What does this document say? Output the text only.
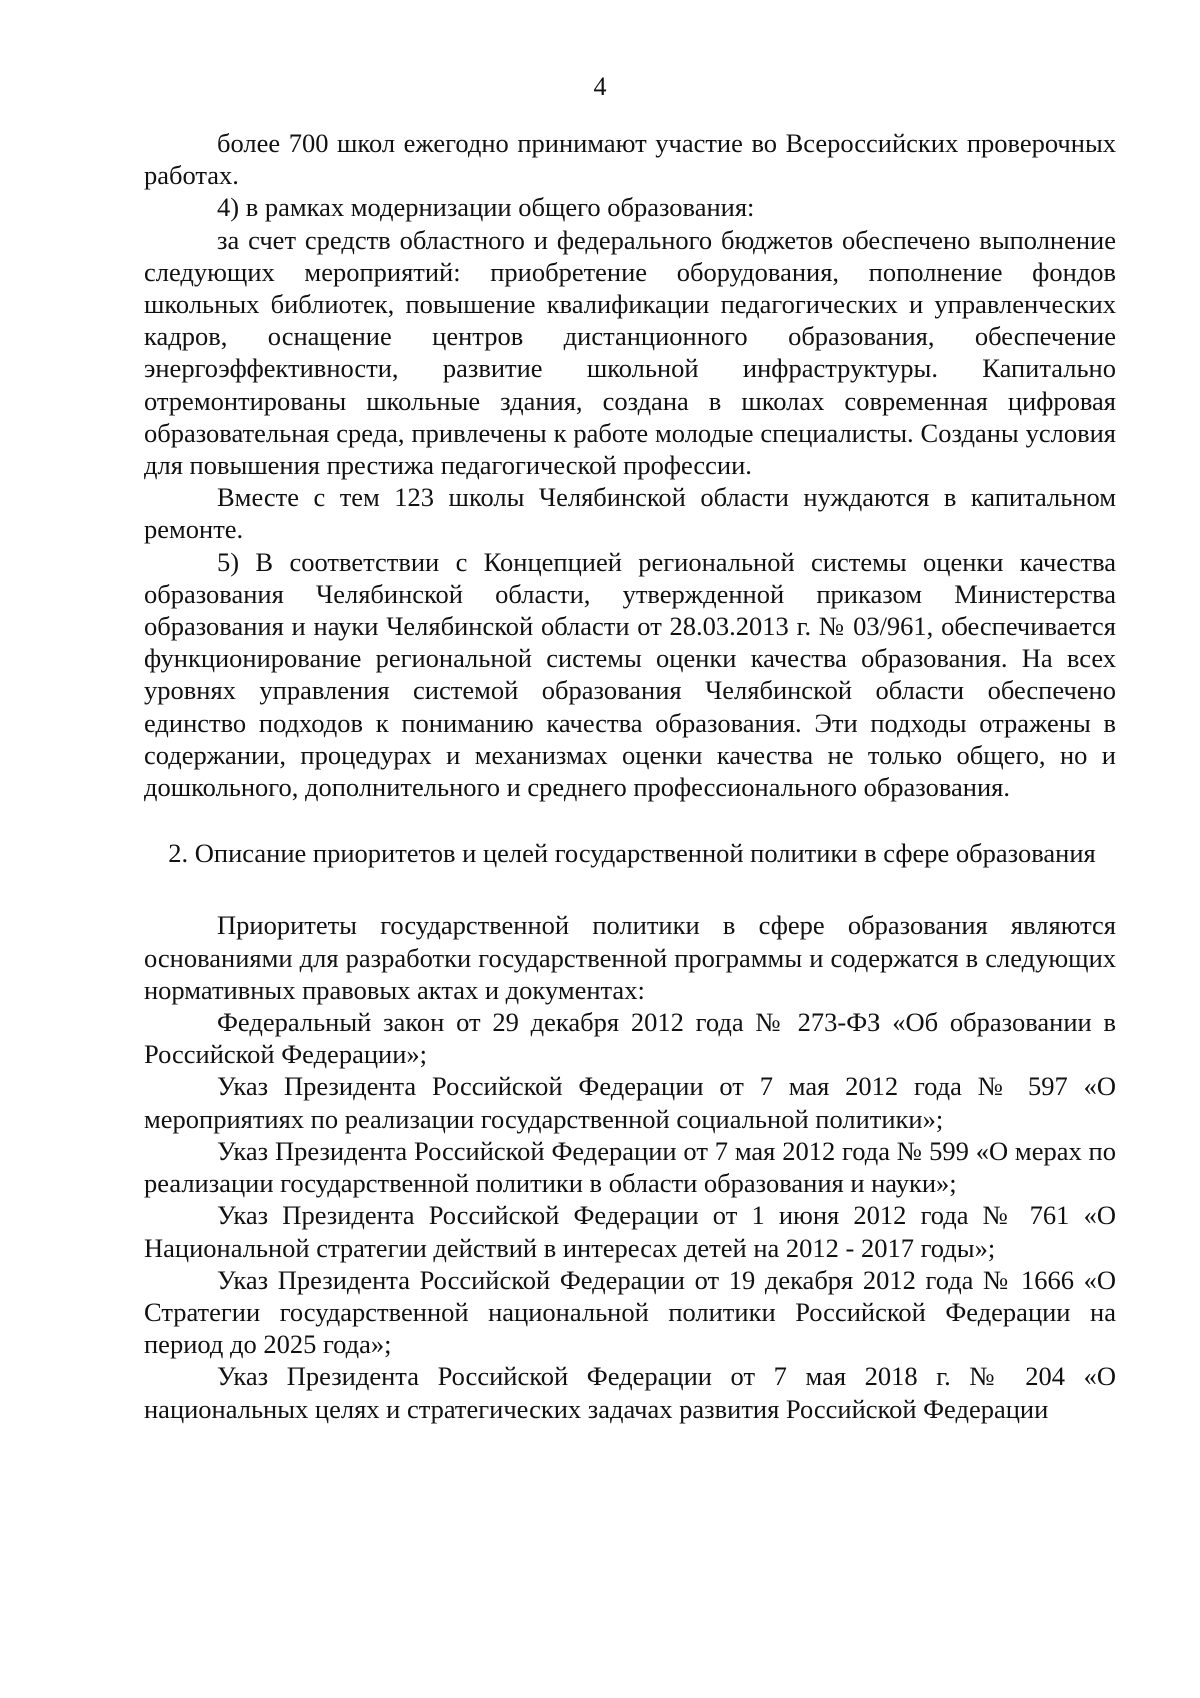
4

более 700 школ ежегодно принимают участие во Всероссийских проверочных работах.

4) в рамках модернизации общего образования:

за счет средств областного и федерального бюджетов обеспечено выполнение следующих мероприятий: приобретение оборудования, пополнение фондов школьных библиотек, повышение квалификации педагогических и управленческих кадров, оснащение центров дистанционного образования, обеспечение энергоэффективности, развитие школьной инфраструктуры. Капитально отремонтированы школьные здания, создана в школах современная цифровая образовательная среда, привлечены к работе молодые специалисты. Созданы условия для повышения престижа педагогической профессии.

Вместе с тем 123 школы Челябинской области нуждаются в капитальном ремонте.

5) В соответствии с Концепцией региональной системы оценки качества образования Челябинской области, утвержденной приказом Министерства образования и науки Челябинской области от 28.03.2013 г. № 03/961, обеспечивается функционирование региональной системы оценки качества образования. На всех уровнях управления системой образования Челябинской области обеспечено единство подходов к пониманию качества образования. Эти подходы отражены в содержании, процедурах и механизмах оценки качества не только общего, но и дошкольного, дополнительного и среднего профессионального образования.

2. Описание приоритетов и целей государственной политики в сфере образования

Приоритеты государственной политики в сфере образования являются основаниями для разработки государственной программы и содержатся в следующих нормативных правовых актах и документах:

Федеральный закон от 29 декабря 2012 года № 273-ФЗ «Об образовании в Российской Федерации»;

Указ Президента Российской Федерации от 7 мая 2012 года № 597 «О мероприятиях по реализации государственной социальной политики»;

Указ Президента Российской Федерации от 7 мая 2012 года № 599 «О мерах по реализации государственной политики в области образования и науки»;

Указ Президента Российской Федерации от 1 июня 2012 года № 761 «О Национальной стратегии действий в интересах детей на 2012 - 2017 годы»;

Указ Президента Российской Федерации от 19 декабря 2012 года № 1666 «О Стратегии государственной национальной политики Российской Федерации на период до 2025 года»;

Указ Президента Российской Федерации от 7 мая 2018 г. № 204 «О национальных целях и стратегических задачах развития Российской Федерации
